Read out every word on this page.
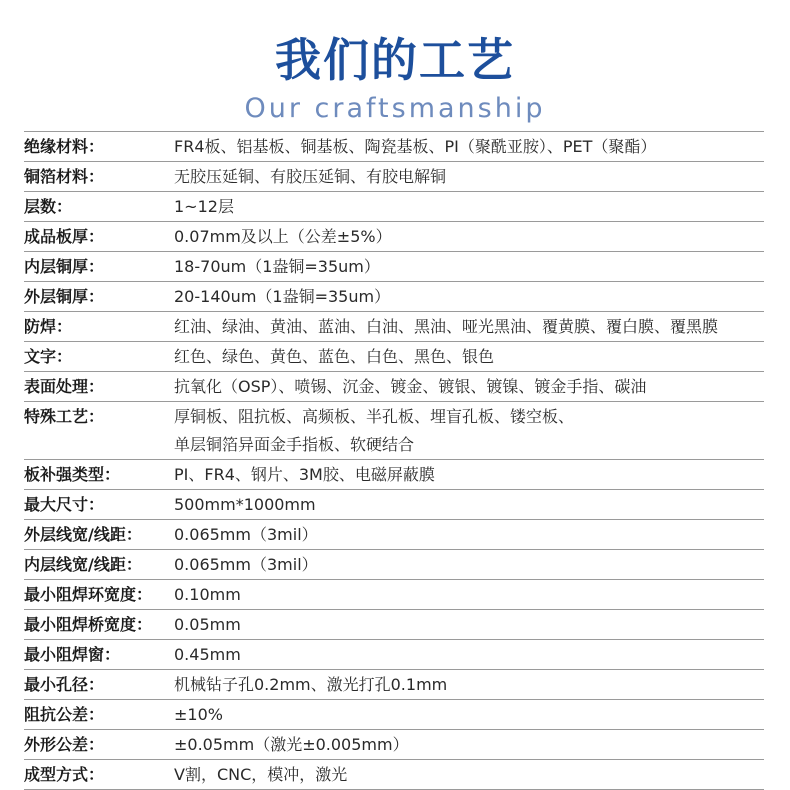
我们的工艺
Our craftsmanship
绝缘材料：	FR4板、铝基板、铜基板、陶瓷基板、PI（聚酰亚胺）、PET（聚酯）
铜箔材料：	无胶压延铜、有胶压延铜、有胶电解铜
层数：	1~12层
成品板厚：	0.07mm及以上（公差±5%）
内层铜厚：	18-70um（1盎铜=35um）
外层铜厚：	20-140um（1盎铜=35um）
防焊：	红油、绿油、黄油、蓝油、白油、黑油、哑光黑油、覆黄膜、覆白膜、覆黑膜
文字：	红色、绿色、黄色、蓝色、白色、黑色、银色
表面处理：	抗氧化（OSP）、喷锡、沉金、镀金、镀银、镀镍、镀金手指、碳油
特殊工艺：	厚铜板、阻抗板、高频板、半孔板、埋盲孔板、镂空板、
单层铜箔异面金手指板、软硬结合
板补强类型：	PI、FR4、钢片、3M胶、电磁屏蔽膜
最大尺寸：	500mm*1000mm
外层线宽/线距：	0.065mm（3mil）
内层线宽/线距：	0.065mm（3mil）
最小阻焊环宽度：	0.10mm
最小阻焊桥宽度：	0.05mm
最小阻焊窗：	0.45mm
最小孔径：	机械钻子孔0.2mm、激光打孔0.1mm
阻抗公差：	±10%
外形公差：	±0.05mm（激光±0.005mm）
成型方式：	V割，CNC，模冲，激光
